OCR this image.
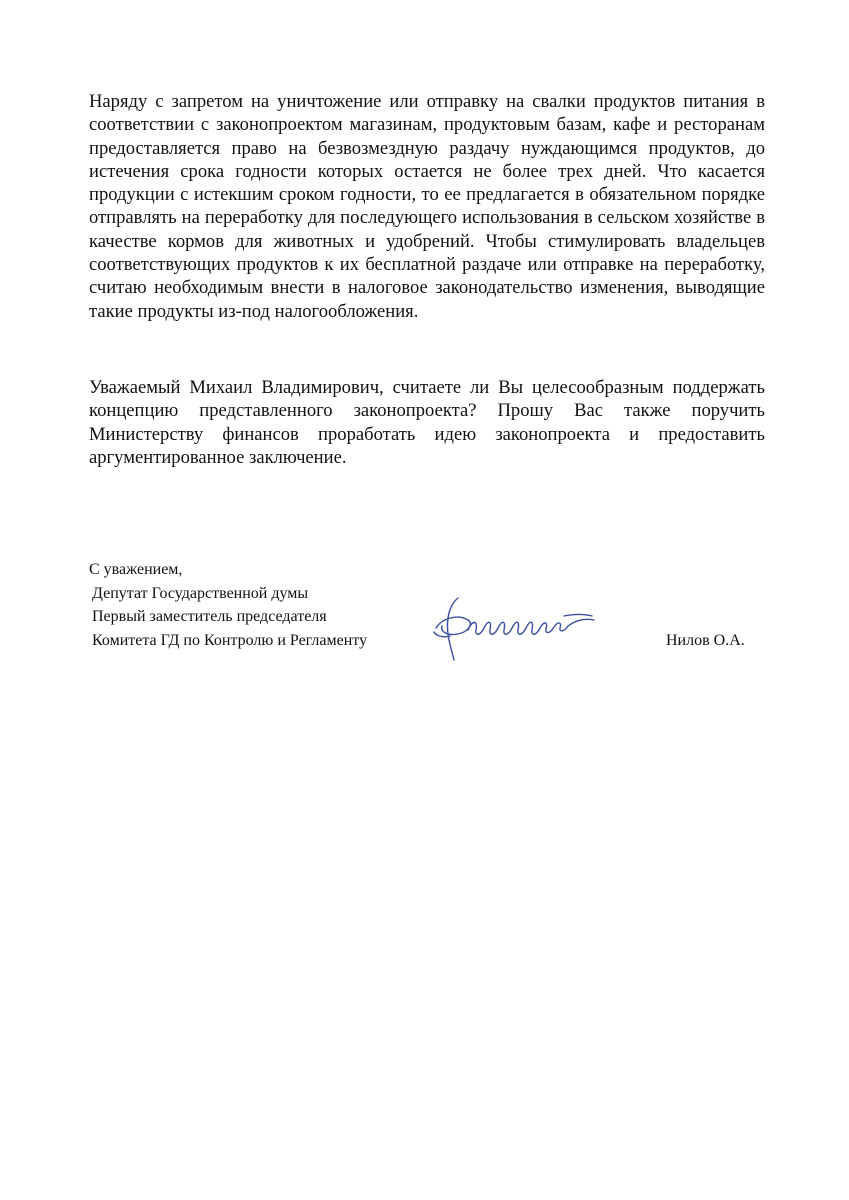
Наряду с запретом на уничтожение или отправку на свалки продуктов питания в соответствии с законопроектом магазинам, продуктовым базам, кафе и ресторанам предоставляется право на безвозмездную раздачу нуждающимся продуктов, до истечения срока годности которых остается не более трех дней. Что касается продукции с истекшим сроком годности, то ее предлагается в обязательном порядке отправлять на переработку для последующего использования в сельском хозяйстве в качестве кормов для животных и удобрений. Чтобы стимулировать владельцев соответствующих продуктов к их бесплатной раздаче или отправке на переработку, считаю необходимым внести в налоговое законодательство изменения, выводящие такие продукты из-под налогообложения.

Уважаемый Михаил Владимирович, считаете ли Вы целесообразным поддержать концепцию представленного законопроекта? Прошу Вас также поручить Министерству финансов проработать идею законопроекта и предоставить аргументированное заключение.

С уважением,
Депутат Государственной думы
Первый заместитель председателя
Комитета ГД по Контролю и Регламенту	Нилов О.А.
